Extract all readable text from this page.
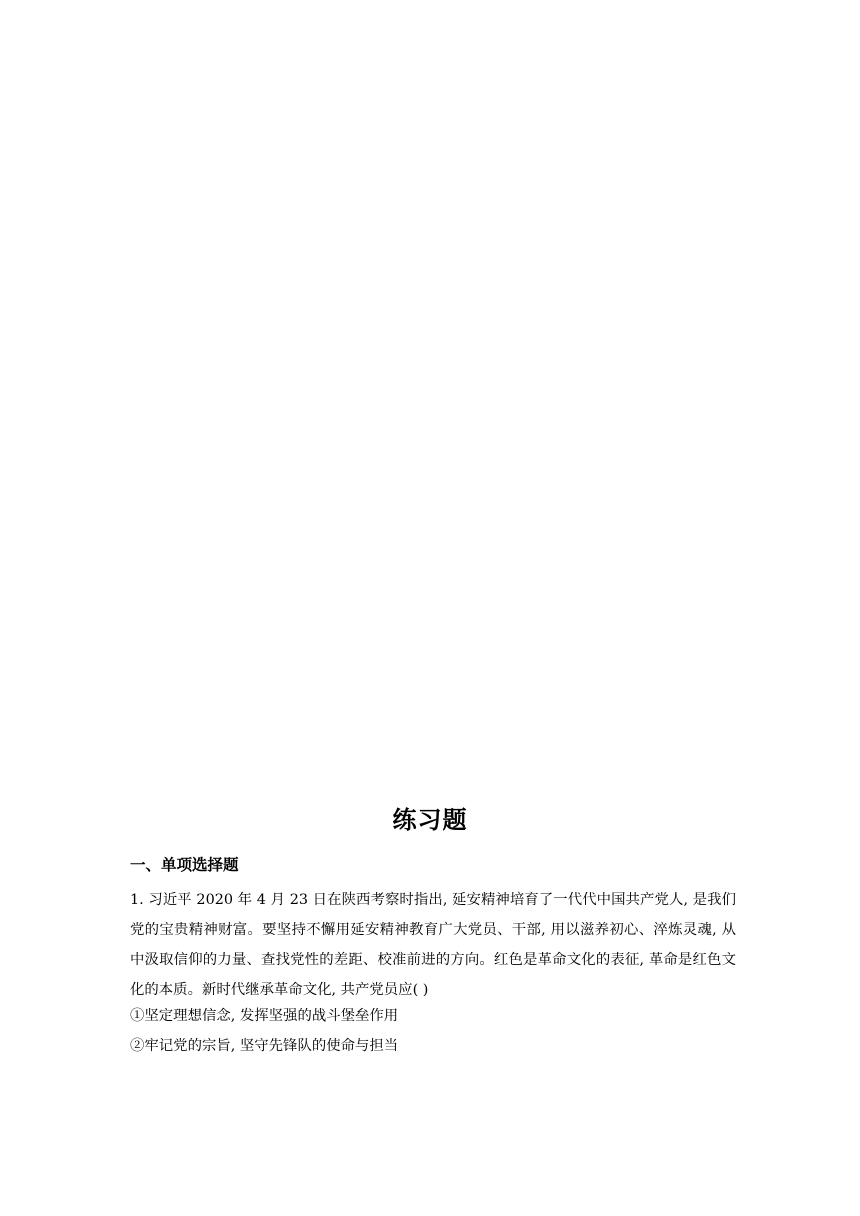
练习题
一、单项选择题
1. 习近平 2020 年 4 月 23 日在陕西考察时指出, 延安精神培育了一代代中国共产党人, 是我们党的宝贵精神财富。要坚持不懈用延安精神教育广大党员、干部, 用以滋养初心、淬炼灵魂, 从中汲取信仰的力量、查找党性的差距、校准前进的方向。红色是革命文化的表征, 革命是红色文化的本质。新时代继承革命文化, 共产党员应( )
①坚定理想信念, 发挥坚强的战斗堡垒作用
②牢记党的宗旨, 坚守先锋队的使命与担当
